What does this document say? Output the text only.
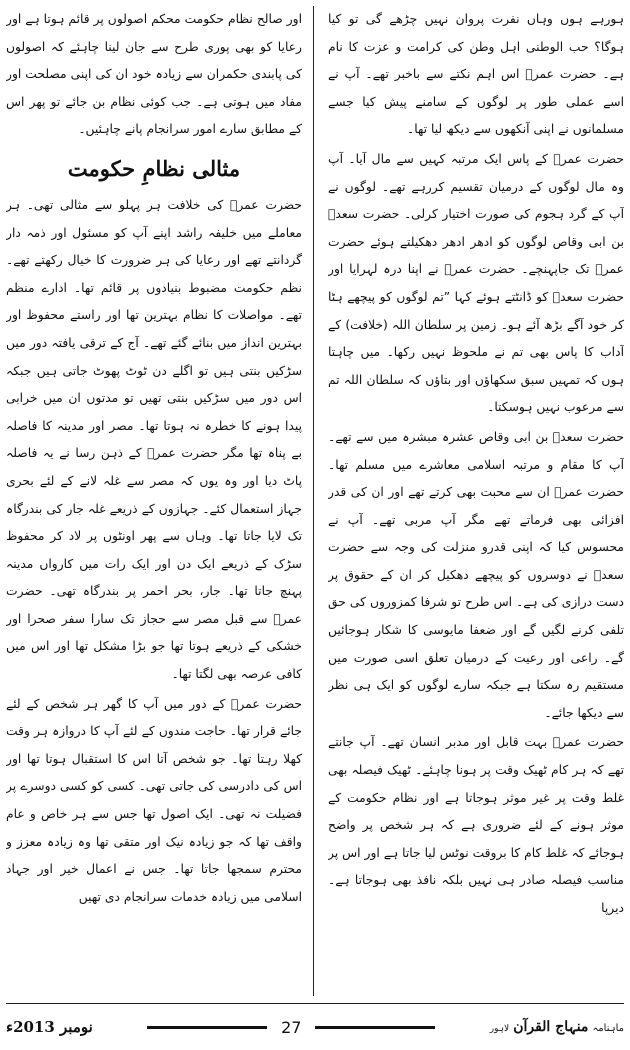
ہورہے ہوں وہاں نفرت پروان نہیں چڑھے گی تو کیا ہوگا؟ حب الوطنی اہل وطن کی کرامت و عزت کا نام ہے۔ حضرت عمرؓ اس اہم نکتے سے باخبر تھے۔ آپ نے اسے عملی طور پر لوگوں کے سامنے پیش کیا جسے مسلمانوں نے اپنی آنکھوں سے دیکھ لیا تھا۔

حضرت عمرؓ کے پاس ایک مرتبہ کہیں سے مال آیا۔ آپ وہ مال لوگوں کے درمیان تقسیم کررہے تھے۔ لوگوں نے آپ کے گرد ہجوم کی صورت اختیار کرلی۔ حضرت سعدؓ بن ابی وقاص لوگوں کو ادھر ادھر دھکیلتے ہوئے حضرت عمرؓ تک جاپہنچے۔ حضرت عمرؓ نے اپنا درہ لہرایا اور حضرت سعدؓ کو ڈانٹتے ہوئے کہا ”تم لوگوں کو پیچھے ہٹا کر خود آگے بڑھ آئے ہو۔ زمین پر سلطان اللہ (خلافت) کے آداب کا پاس بھی تم نے ملحوظ نہیں رکھا۔ میں چاہتا ہوں کہ تمہیں سبق سکھاؤں اور بتاؤں کہ سلطان اللہ تم سے مرعوب نہیں ہوسکتا۔

حضرت سعدؓ بن ابی وقاص عشرہ مبشرہ میں سے تھے۔ آپ کا مقام و مرتبہ اسلامی معاشرے میں مسلم تھا۔ حضرت عمرؓ ان سے محبت بھی کرتے تھے اور ان کی قدر افزائی بھی فرماتے تھے مگر آپ مربی تھے۔ آپ نے محسوس کیا کہ اپنی قدرو منزلت کی وجہ سے حضرت سعدؓ نے دوسروں کو پیچھے دھکیل کر ان کے حقوق پر دست درازی کی ہے۔ اس طرح تو شرفا کمزوروں کی حق تلفی کرنے لگیں گے اور ضعفا مایوسی کا شکار ہوجائیں گے۔ راعی اور رعیت کے درمیان تعلق اسی صورت میں مستقیم رہ سکتا ہے جبکہ سارے لوگوں کو ایک ہی نظر سے دیکھا جائے۔

حضرت عمرؓ بہت قابل اور مدبر انسان تھے۔ آپ جانتے تھے کہ ہر کام ٹھیک وقت پر ہونا چاہئے۔ ٹھیک فیصلہ بھی غلط وقت پر غیر موثر ہوجاتا ہے اور نظام حکومت کے موثر ہونے کے لئے ضروری ہے کہ ہر شخص پر واضح ہوجائے کہ غلط کام کا بروقت نوٹس لیا جاتا ہے اور اس پر مناسب فیصلہ صادر ہی نہیں بلکہ نافذ بھی ہوجاتا ہے۔ دیرپا

اور صالح نظام حکومت محکم اصولوں پر قائم ہوتا ہے اور رعایا کو بھی پوری طرح سے جان لینا چاہئے کہ اصولوں کی پابندی حکمران سے زیادہ خود ان کی اپنی مصلحت اور مفاد میں ہوتی ہے۔ جب کوئی نظام بن جائے تو پھر اس کے مطابق سارے امور سرانجام پانے چاہئیں۔

مثالی نظامِ حکومت

حضرت عمرؓ کی خلافت ہر پہلو سے مثالی تھی۔ ہر معاملے میں خلیفہ راشد اپنے آپ کو مسئول اور ذمہ دار گردانتے تھے اور رعایا کی ہر ضرورت کا خیال رکھتے تھے۔ نظم حکومت مضبوط بنیادوں پر قائم تھا۔ ادارے منظم تھے۔ مواصلات کا نظام بہترین تھا اور راستے محفوظ اور بہترین انداز میں بنائے گئے تھے۔ آج کے ترقی یافتہ دور میں سڑکیں بنتی ہیں تو اگلے دن ٹوٹ پھوٹ جاتی ہیں جبکہ اس دور میں سڑکیں بنتی تھیں تو مدتوں ان میں خرابی پیدا ہونے کا خطرہ نہ ہوتا تھا۔ مصر اور مدینہ کا فاصلہ بے پناہ تھا مگر حضرت عمرؓ کے ذہن رسا نے یہ فاصلہ پاٹ دیا اور وہ یوں کہ مصر سے غلہ لانے کے لئے بحری جہاز استعمال کئے۔ جہازوں کے ذریعے غلہ جار کی بندرگاہ تک لایا جاتا تھا۔ وہاں سے پھر اونٹوں پر لاد کر محفوظ سڑک کے ذریعے ایک دن اور ایک رات میں کارواں مدینہ پہنچ جاتا تھا۔ جار، بحر احمر پر بندرگاہ تھی۔ حضرت عمرؓ سے قبل مصر سے حجاز تک سارا سفر صحرا اور خشکی کے ذریعے ہوتا تھا جو بڑا مشکل تھا اور اس میں کافی عرصہ بھی لگتا تھا۔

حضرت عمرؓ کے دور میں آپ کا گھر ہر شخص کے لئے جائے قرار تھا۔ حاجت مندوں کے لئے آپ کا دروازہ ہر وقت کھلا رہتا تھا۔ جو شخص آتا اس کا استقبال ہوتا تھا اور اس کی دادرسی کی جاتی تھی۔ کسی کو کسی دوسرے پر فضیلت نہ تھی۔ ایک اصول تھا جس سے ہر خاص و عام واقف تھا کہ جو زیادہ نیک اور متقی تھا وہ زیادہ معزز و محترم سمجھا جاتا تھا۔ جس نے اعمال خیر اور جہاد اسلامی میں زیادہ خدمات سرانجام دی تھیں

نومبر 2013ء	27	ماہنامہ
منہاج القرآن
لاہور
